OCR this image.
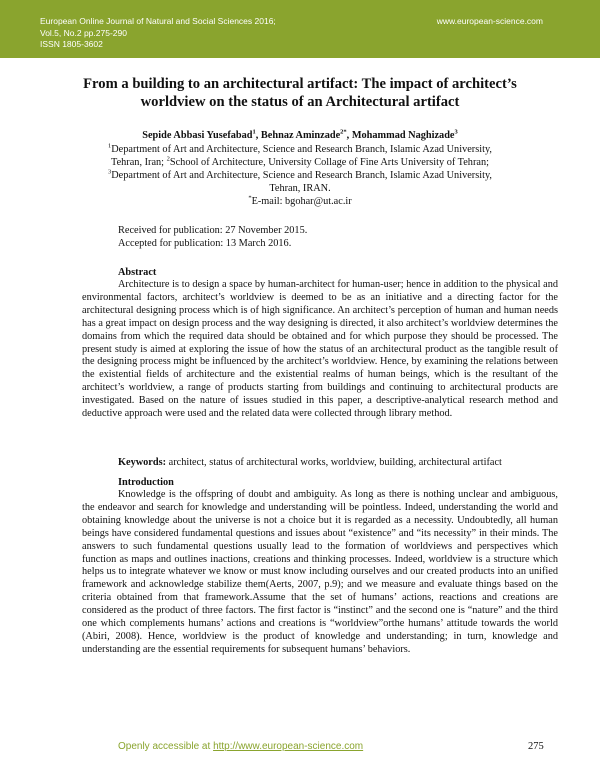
European Online Journal of Natural and Social Sciences 2016;
Vol.5, No.2 pp.275-290
ISSN 1805-3602
www.european-science.com
From a building to an architectural artifact: The impact of architect’s
worldview on the status of an Architectural artifact
Sepide Abbasi Yusefabad$^1$, Behnaz Aminzade$^{2*}$, Mohammad Naghizade$^3$
$^1$Department of Art and Architecture, Science and Research Branch, Islamic Azad University,
Tehran, Iran; $^2$School of Architecture, University Collage of Fine Arts University of Tehran;
$^3$Department of Art and Architecture, Science and Research Branch, Islamic Azad University,
Tehran, IRAN.
*E-mail: bgohar@ut.ac.ir
Received for publication: 27 November 2015.
Accepted for publication: 13 March 2016.
Abstract
Architecture is to design a space by human-architect for human-user; hence in addition to the physical and environmental factors, architect’s worldview is deemed to be as an initiative and a directing factor for the architectural designing process which is of high significance. An architect’s perception of human and human needs has a great impact on design process and the way designing is directed, it also architect’s worldview determines the domains from which the required data should be obtained and for which purpose they should be processed. The present study is aimed at exploring the issue of how the status of an architectural product as the tangible result of the designing process might be influenced by the architect’s worldview. Hence, by examining the relations between the existential fields of architecture and the existential realms of human beings, which is the resultant of the architect’s worldview, a range of products starting from buildings and continuing to architectural products are investigated. Based on the nature of issues studied in this paper, a descriptive-analytical research method and deductive approach were used and the related data were collected through library method.
Keywords: architect, status of architectural works, worldview, building, architectural artifact
Introduction
Knowledge is the offspring of doubt and ambiguity. As long as there is nothing unclear and ambiguous, the endeavor and search for knowledge and understanding will be pointless. Indeed, understanding the world and obtaining knowledge about the universe is not a choice but it is regarded as a necessity. Undoubtedly, all human beings have considered fundamental questions and issues about “existence” and “its necessity” in their minds. The answers to such fundamental questions usually lead to the formation of worldviews and perspectives which function as maps and outlines inactions, creations and thinking processes. Indeed, worldview is a structure which helps us to integrate whatever we know or must know including ourselves and our created products into an unified framework and acknowledge stabilize them(Aerts, 2007, p.9); and we measure and evaluate things based on the criteria obtained from that framework.Assume that the set of humans’ actions, reactions and creations are considered as the product of three factors. The first factor is “instinct” and the second one is “nature” and the third one which complements humans’ actions and creations is “worldview”orthe humans’ attitude towards the world (Abiri, 2008). Hence, worldview is the product of knowledge and understanding; in turn, knowledge and understanding are the essential requirements for subsequent humans’ behaviors.
Openly accessible at http://www.european-science.com	275
